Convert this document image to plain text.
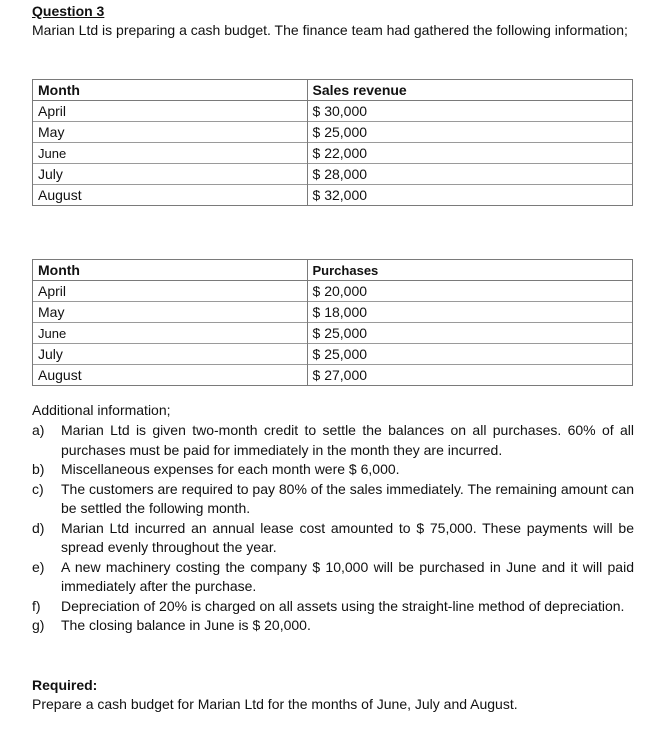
Question 3
Marian Ltd is preparing a cash budget. The finance team had gathered the following information;
Month	Sales revenue
April	$ 30,000
May	$ 25,000
June	$ 22,000
July	$ 28,000
August	$ 32,000
Month	Purchases
April	$ 20,000
May	$ 18,000
June	$ 25,000
July	$ 25,000
August	$ 27,000
Additional information;
a)	Marian Ltd is given two-month credit to settle the balances on all purchases. 60% of all purchases must be paid for immediately in the month they are incurred.
b)	Miscellaneous expenses for each month were $ 6,000.
c)	The customers are required to pay 80% of the sales immediately. The remaining amount can be settled the following month.
d)	Marian Ltd incurred an annual lease cost amounted to $ 75,000. These payments will be spread evenly throughout the year.
e)	A new machinery costing the company $ 10,000 will be purchased in June and it will paid immediately after the purchase.
f)	Depreciation of 20% is charged on all assets using the straight-line method of depreciation.
g)	The closing balance in June is $ 20,000.
Required:
Prepare a cash budget for Marian Ltd for the months of June, July and August.
